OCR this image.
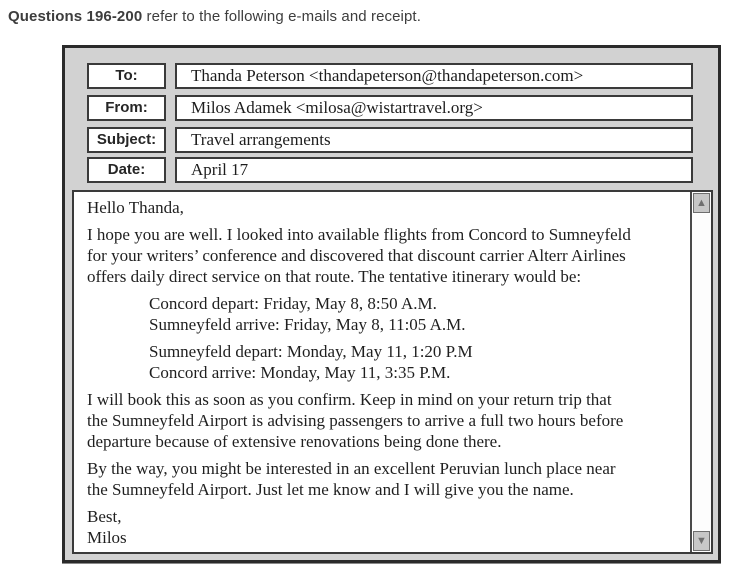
Questions 196-200 refer to the following e-mails and receipt.
To:	Thanda Peterson <thandapeterson@thandapeterson.com>
From:	Milos Adamek <milosa@wistartravel.org>
Subject:	Travel arrangements
Date:	April 17

Hello Thanda,

I hope you are well. I looked into available flights from Concord to Sumneyfeld
for your writers’ conference and discovered that discount carrier Alterr Airlines
offers daily direct service on that route. The tentative itinerary would be:

Concord depart: Friday, May 8, 8:50 A.M.
Sumneyfeld arrive: Friday, May 8, 11:05 A.M.

Sumneyfeld depart: Monday, May 11, 1:20 P.M
Concord arrive: Monday, May 11, 3:35 P.M.

I will book this as soon as you confirm. Keep in mind on your return trip that
the Sumneyfeld Airport is advising passengers to arrive a full two hours before
departure because of extensive renovations being done there.

By the way, you might be interested in an excellent Peruvian lunch place near
the Sumneyfeld Airport. Just let me know and I will give you the name.

Best,
Milos

▲
▼
